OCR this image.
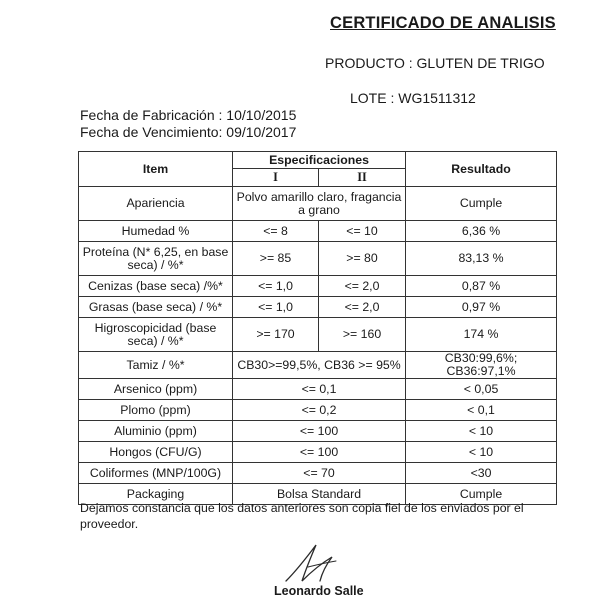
CERTIFICADO DE ANALISIS
PRODUCTO : GLUTEN DE TRIGO
LOTE : WG1511312
Fecha de Fabricación : 10/10/2015
Fecha de Vencimiento: 09/10/2017
Item	Especificaciones		Resultado
	I	II	
Apariencia	Polvo amarillo claro, fragancia a grano		Cumple
Humedad %	<= 8	<= 10	6,36 %
Proteína (N* 6,25, en base seca) / %*	>= 85	>= 80	83,13 %
Cenizas (base seca) /%*	<= 1,0	<= 2,0	0,87 %
Grasas (base seca) / %*	<= 1,0	<= 2,0	0,97 %
Higroscopicidad (base seca) / %*	>= 170	>= 160	174 %
Tamiz / %*	CB30>=99,5%, CB36 >= 95%		CB30:99,6%; CB36:97,1%
Arsenico (ppm)	<= 0,1		< 0,05
Plomo (ppm)	<= 0,2		< 0,1
Aluminio (ppm)	<= 100		< 10
Hongos (CFU/G)	<= 100		< 10
Coliformes (MNP/100G)	<= 70		<30
Packaging	Bolsa Standard		Cumple
Dejamos constancia que los datos anteriores son copia fiel de los enviados por el proveedor.
Leonardo Salle
